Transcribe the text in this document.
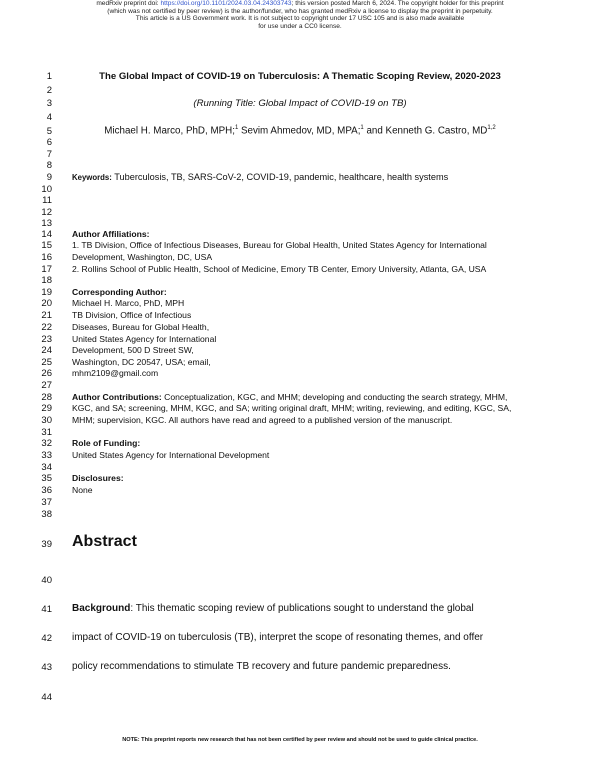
medRxiv preprint doi: https://doi.org/10.1101/2024.03.04.24303743; this version posted March 6, 2024. The copyright holder for this preprint
(which was not certified by peer review) is the author/funder, who has granted medRxiv a license to display the preprint in perpetuity.
This article is a US Government work. It is not subject to copyright under 17 USC 105 and is also made available
for use under a CC0 license.
1
2
3
4
5
6
7
8
9
10
11
12
13
14
15
16
17
18
19
20
21
22
23
24
25
26
27
28
29
30
31
32
33
34
35
36
37
38
39
40
41
42
43
44
The Global Impact of COVID-19 on Tuberculosis: A Thematic Scoping Review, 2020-2023
(Running Title: Global Impact of COVID-19 on TB)
Michael H. Marco, PhD, MPH;$^1$ Sevim Ahmedov, MD, MPA;$^1$ and Kenneth G. Castro, MD$^{1,2}$
Keywords: Tuberculosis, TB, SARS-CoV-2, COVID-19, pandemic, healthcare, health systems
Author Affiliations:
1. TB Division, Office of Infectious Diseases, Bureau for Global Health, United States Agency for International
Development, Washington, DC, USA
2. Rollins School of Public Health, School of Medicine, Emory TB Center, Emory University, Atlanta, GA, USA
Corresponding Author:
Michael H. Marco, PhD, MPH
TB Division, Office of Infectious
Diseases, Bureau for Global Health,
United States Agency for International
Development, 500 D Street SW,
Washington, DC 20547, USA; email,
mhm2109@gmail.com
Author Contributions: Conceptualization, KGC, and MHM; developing and conducting the search strategy, MHM,
KGC, and SA; screening, MHM, KGC, and SA; writing original draft, MHM; writing, reviewing, and editing, KGC, SA,
MHM; supervision, KGC. All authors have read and agreed to a published version of the manuscript.
Role of Funding:
United States Agency for International Development
Disclosures:
None
Abstract
Background: This thematic scoping review of publications sought to understand the global
impact of COVID-19 on tuberculosis (TB), interpret the scope of resonating themes, and offer
policy recommendations to stimulate TB recovery and future pandemic preparedness.
NOTE: This preprint reports new research that has not been certified by peer review and should not be used to guide clinical practice.
